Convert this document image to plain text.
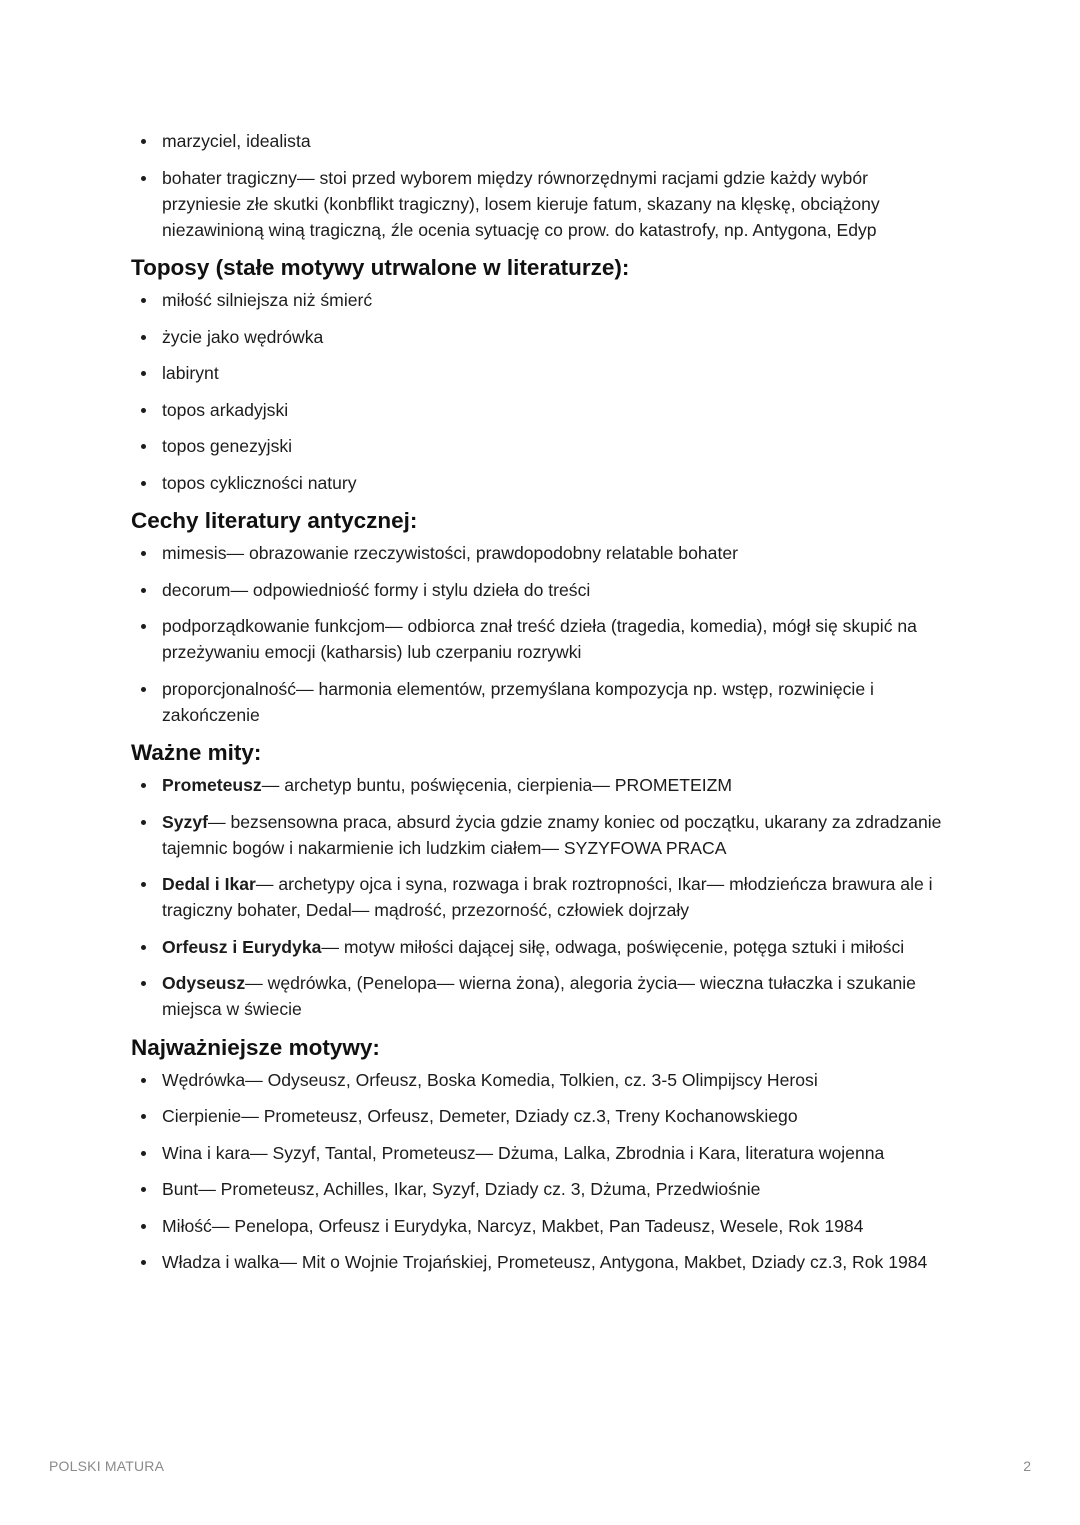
marzyciel, idealista
bohater tragiczny— stoi przed wyborem między równorzędnymi racjami gdzie każdy wybór przyniesie złe skutki (konbflikt tragiczny), losem kieruje fatum, skazany na klęskę, obciążony niezawinioną winą tragiczną, źle ocenia sytuację co prow. do katastrofy, np. Antygona, Edyp
Toposy (stałe motywy utrwalone w literaturze):
miłość silniejsza niż śmierć
życie jako wędrówka
labirynt
topos arkadyjski
topos genezyjski
topos cykliczności natury
Cechy literatury antycznej:
mimesis— obrazowanie rzeczywistości, prawdopodobny relatable bohater
decorum— odpowiedniość formy i stylu dzieła do treści
podporządkowanie funkcjom— odbiorca znał treść dzieła (tragedia, komedia), mógł się skupić na przeżywaniu emocji (katharsis) lub czerpaniu rozrywki
proporcjonalność— harmonia elementów, przemyślana kompozycja np. wstęp, rozwinięcie i zakończenie
Ważne mity:
Prometeusz— archetyp buntu, poświęcenia, cierpienia— PROMETEIZM
Syzyf— bezsensowna praca, absurd życia gdzie znamy koniec od początku, ukarany za zdradzanie tajemnic bogów i nakarmienie ich ludzkim ciałem— SYZYFOWA PRACA
Dedal i Ikar— archetypy ojca i syna, rozwaga i brak roztropności, Ikar— młodzieńcza brawura ale i tragiczny bohater, Dedal— mądrość, przezorność, człowiek dojrzały
Orfeusz i Eurydyka— motyw miłości dającej siłę, odwaga, poświęcenie, potęga sztuki i miłości
Odyseusz— wędrówka, (Penelopa— wierna żona), alegoria życia— wieczna tułaczka i szukanie miejsca w świecie
Najważniejsze motywy:
Wędrówka— Odyseusz, Orfeusz, Boska Komedia, Tolkien, cz. 3-5 Olimpijscy Herosi
Cierpienie— Prometeusz, Orfeusz, Demeter, Dziady cz.3, Treny Kochanowskiego
Wina i kara— Syzyf, Tantal, Prometeusz— Dżuma, Lalka, Zbrodnia i Kara, literatura wojenna
Bunt— Prometeusz, Achilles, Ikar, Syzyf, Dziady cz. 3, Dżuma, Przedwiośnie
Miłość— Penelopa, Orfeusz i Eurydyka, Narcyz, Makbet, Pan Tadeusz, Wesele, Rok 1984
Władza i walka— Mit o Wojnie Trojańskiej, Prometeusz, Antygona, Makbet, Dziady cz.3, Rok 1984
POLSKI MATURA	2
